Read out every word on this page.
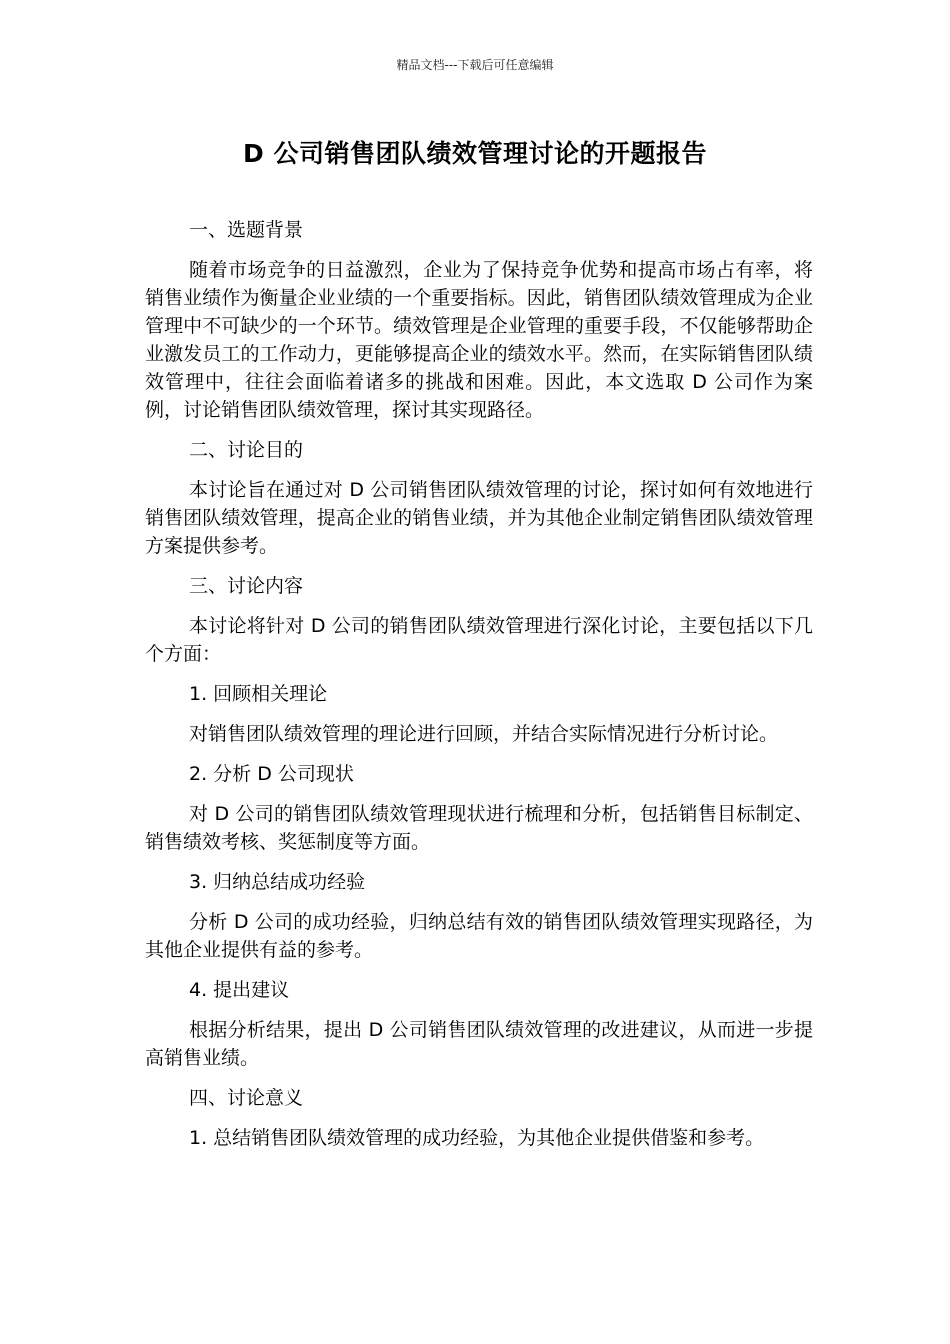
精品文档---下载后可任意编辑
D 公司销售团队绩效管理讨论的开题报告
一、选题背景

随着市场竞争的日益激烈，企业为了保持竞争优势和提高市场占有率，将销售业绩作为衡量企业业绩的一个重要指标。因此，销售团队绩效管理成为企业管理中不可缺少的一个环节。绩效管理是企业管理的重要手段，不仅能够帮助企业激发员工的工作动力，更能够提高企业的绩效水平。然而，在实际销售团队绩效管理中，往往会面临着诸多的挑战和困难。因此，本文选取 D 公司作为案例，讨论销售团队绩效管理，探讨其实现路径。

二、讨论目的

本讨论旨在通过对 D 公司销售团队绩效管理的讨论，探讨如何有效地进行销售团队绩效管理，提高企业的销售业绩，并为其他企业制定销售团队绩效管理方案提供参考。

三、讨论内容

本讨论将针对 D 公司的销售团队绩效管理进行深化讨论，主要包括以下几个方面：

1. 回顾相关理论

对销售团队绩效管理的理论进行回顾，并结合实际情况进行分析讨论。

2. 分析 D 公司现状

对 D 公司的销售团队绩效管理现状进行梳理和分析，包括销售目标制定、销售绩效考核、奖惩制度等方面。

3. 归纳总结成功经验

分析 D 公司的成功经验，归纳总结有效的销售团队绩效管理实现路径，为其他企业提供有益的参考。

4. 提出建议

根据分析结果，提出 D 公司销售团队绩效管理的改进建议，从而进一步提高销售业绩。

四、讨论意义

1. 总结销售团队绩效管理的成功经验，为其他企业提供借鉴和参考。
